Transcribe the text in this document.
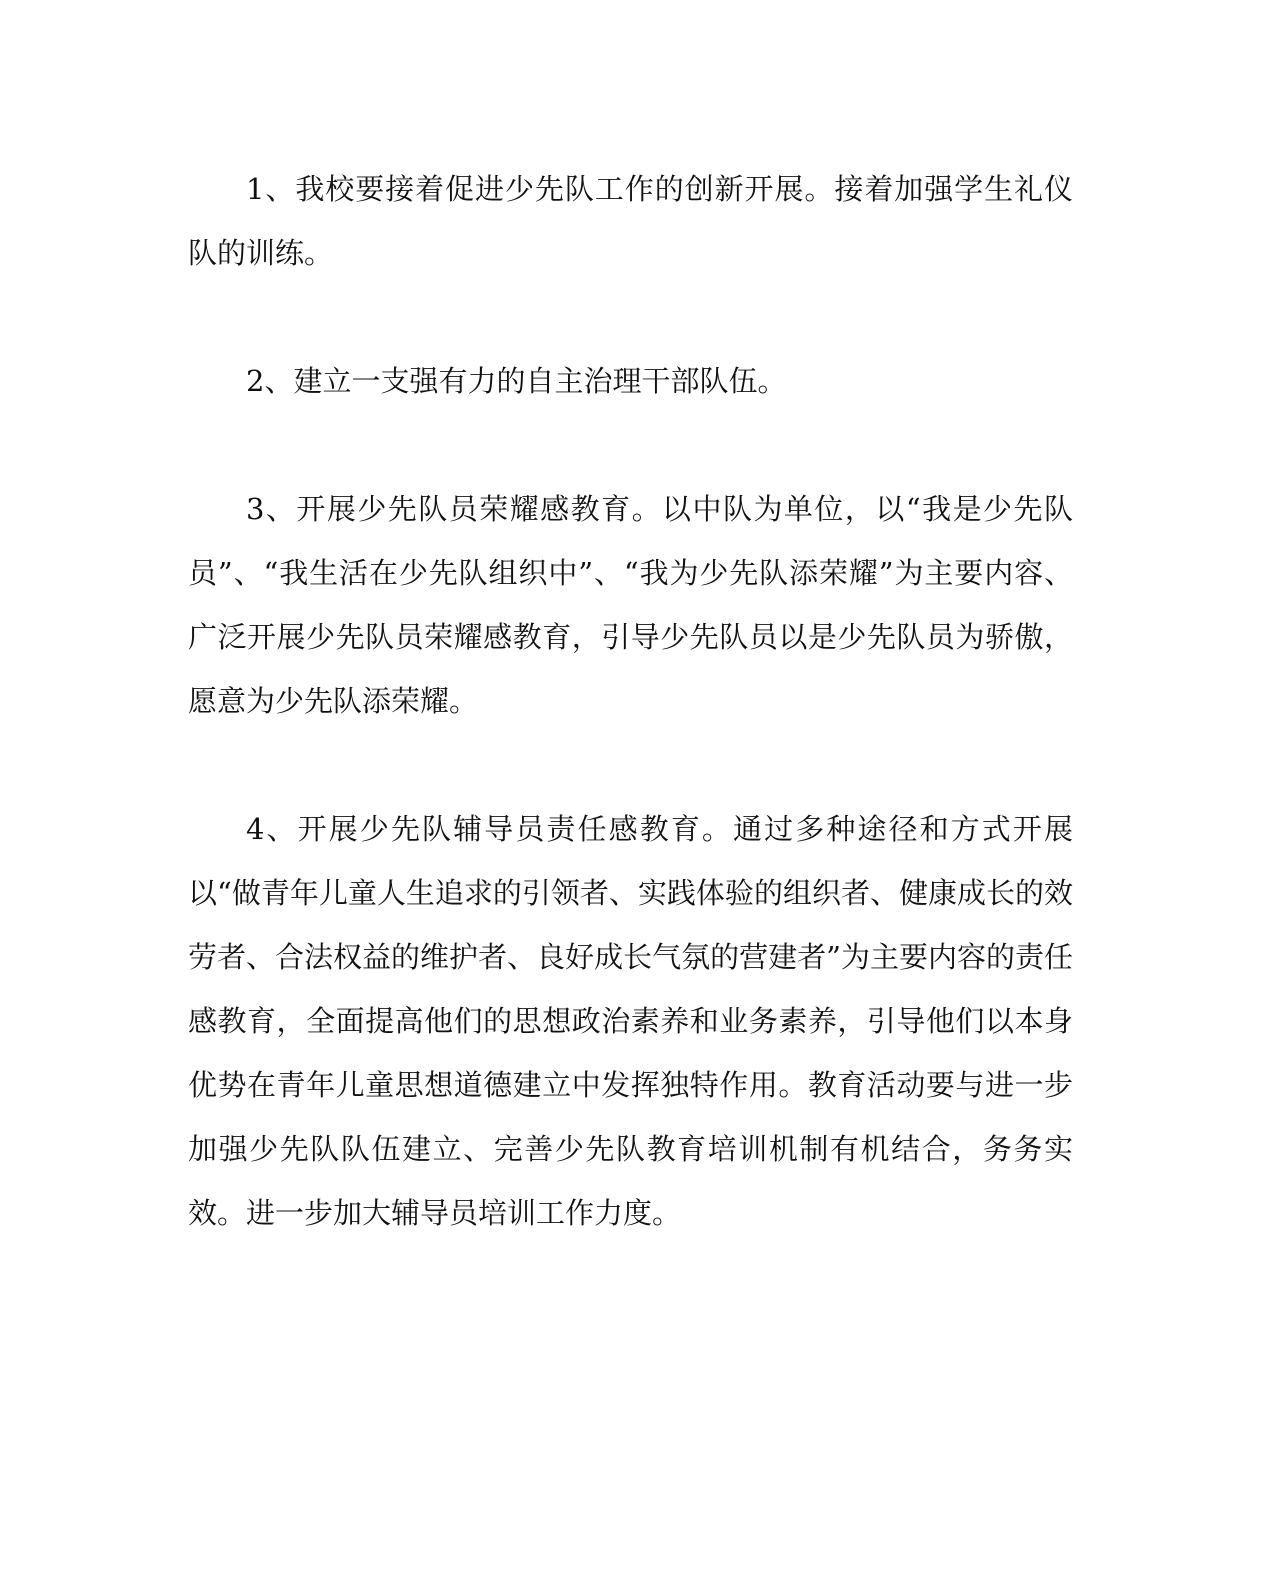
1、我校要接着促进少先队工作的创新开展。接着加强学生礼仪队的训练。

2、建立一支强有力的自主治理干部队伍。

3、开展少先队员荣耀感教育。以中队为单位，以“我是少先队员”、“我生活在少先队组织中”、“我为少先队添荣耀”为主要内容、广泛开展少先队员荣耀感教育，引导少先队员以是少先队员为骄傲，愿意为少先队添荣耀。

4、开展少先队辅导员责任感教育。通过多种途径和方式开展以“做青年儿童人生追求的引领者、实践体验的组织者、健康成长的效劳者、合法权益的维护者、良好成长气氛的营建者”为主要内容的责任感教育，全面提高他们的思想政治素养和业务素养，引导他们以本身优势在青年儿童思想道德建立中发挥独特作用。教育活动要与进一步加强少先队队伍建立、完善少先队教育培训机制有机结合，务务实效。进一步加大辅导员培训工作力度。
